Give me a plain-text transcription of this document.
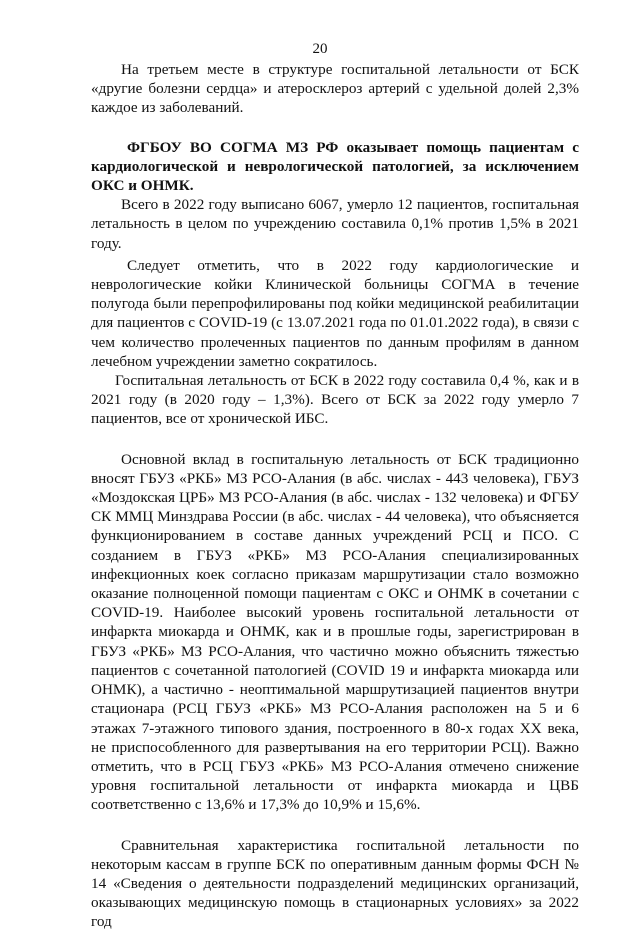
20

На третьем месте в структуре госпитальной летальности от БСК «другие болезни сердца» и атеросклероз артерий с удельной долей 2,3% каждое из заболеваний.

ФГБОУ ВО СОГМА МЗ РФ оказывает помощь пациентам с кардиологической и неврологической патологией, за исключением ОКС и ОНМК.

Всего в 2022 году выписано 6067, умерло 12 пациентов, госпитальная летальность в целом по учреждению составила 0,1% против 1,5% в 2021 году.

Следует отметить, что в 2022 году кардиологические и неврологические койки Клинической больницы СОГМА в течение полугода были перепрофилированы под койки медицинской реабилитации для пациентов с COVID-19 (с 13.07.2021 года по 01.01.2022 года), в связи с чем количество пролеченных пациентов по данным профилям в данном лечебном учреждении заметно сократилось.

Госпитальная летальность от БСК в 2022 году составила 0,4 %, как и в 2021 году (в 2020 году – 1,3%). Всего от БСК за 2022 году умерло 7 пациентов, все от хронической ИБС.

Основной вклад в госпитальную летальность от БСК традиционно вносят ГБУЗ «РКБ» МЗ РСО-Алания (в абс. числах - 443 человека), ГБУЗ «Моздокская ЦРБ» МЗ РСО-Алания (в абс. числах - 132 человека) и ФГБУ СК ММЦ Минздрава России (в абс. числах - 44 человека), что объясняется функционированием в составе данных учреждений РСЦ и ПСО. С созданием в ГБУЗ «РКБ» МЗ РСО-Алания специализированных инфекционных коек согласно приказам маршрутизации стало возможно оказание полноценной помощи пациентам с ОКС и ОНМК в сочетании с COVID-19. Наиболее высокий уровень госпитальной летальности от инфаркта миокарда и ОНМК, как и в прошлые годы, зарегистрирован в ГБУЗ «РКБ» МЗ РСО-Алания, что частично можно объяснить тяжестью пациентов с сочетанной патологией (COVID 19 и инфаркта миокарда или ОНМК), а частично - неоптимальной маршрутизацией пациентов внутри стационара (РСЦ ГБУЗ «РКБ» МЗ РСО-Алания расположен на 5 и 6 этажах 7-этажного типового здания, построенного в 80-х годах XX века, не приспособленного для развертывания на его территории РСЦ). Важно отметить, что в РСЦ ГБУЗ «РКБ» МЗ РСО-Алания отмечено снижение уровня госпитальной летальности от инфаркта миокарда и ЦВБ соответственно с 13,6% и 17,3% до 10,9% и 15,6%.

Сравнительная характеристика госпитальной летальности по некоторым кассам в группе БСК по оперативным данным формы ФСН № 14 «Сведения о деятельности подразделений медицинских организаций, оказывающих медицинскую помощь в стационарных условиях» за 2022 год
